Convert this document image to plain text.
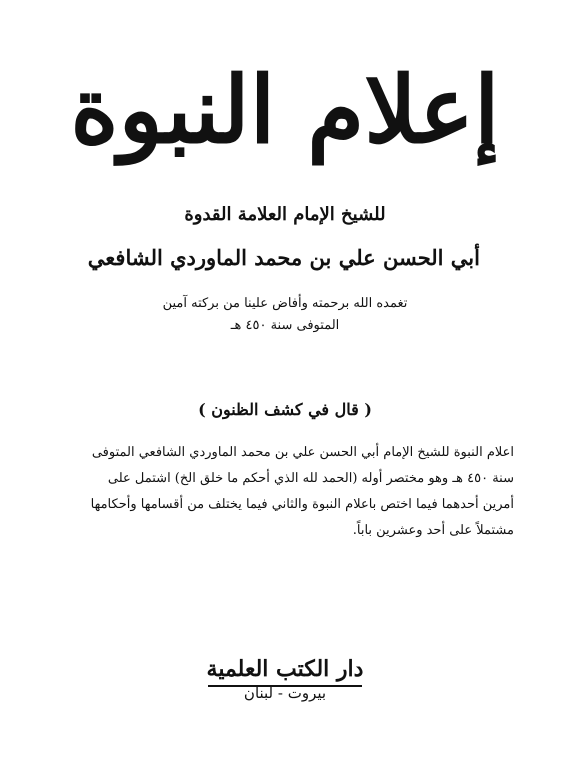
إعلام النبوة
للشيخ الإمام العلامة القدوة
أبي الحسن علي بن محمد الماوردي الشافعي
تغمده الله برحمته وأفاض علينا من بركته آمين
المتوفى سنة ٤٥٠ هـ
( قال في كشف الظنون )
اعلام النبوة للشيخ الإمام أبي الحسن علي بن محمد الماوردي الشافعي المتوفى
سنة ٤٥٠ هـ وهو مختصر أوله (الحمد لله الذي أحكم ما خلق الخ) اشتمل على
أمرين أحدهما فيما اختص باعلام النبوة والثاني فيما يختلف من أقسامها وأحكامها
مشتملاً على أحد وعشرين باباً.
دار الكتب العلمية
بيروت - لبنان
